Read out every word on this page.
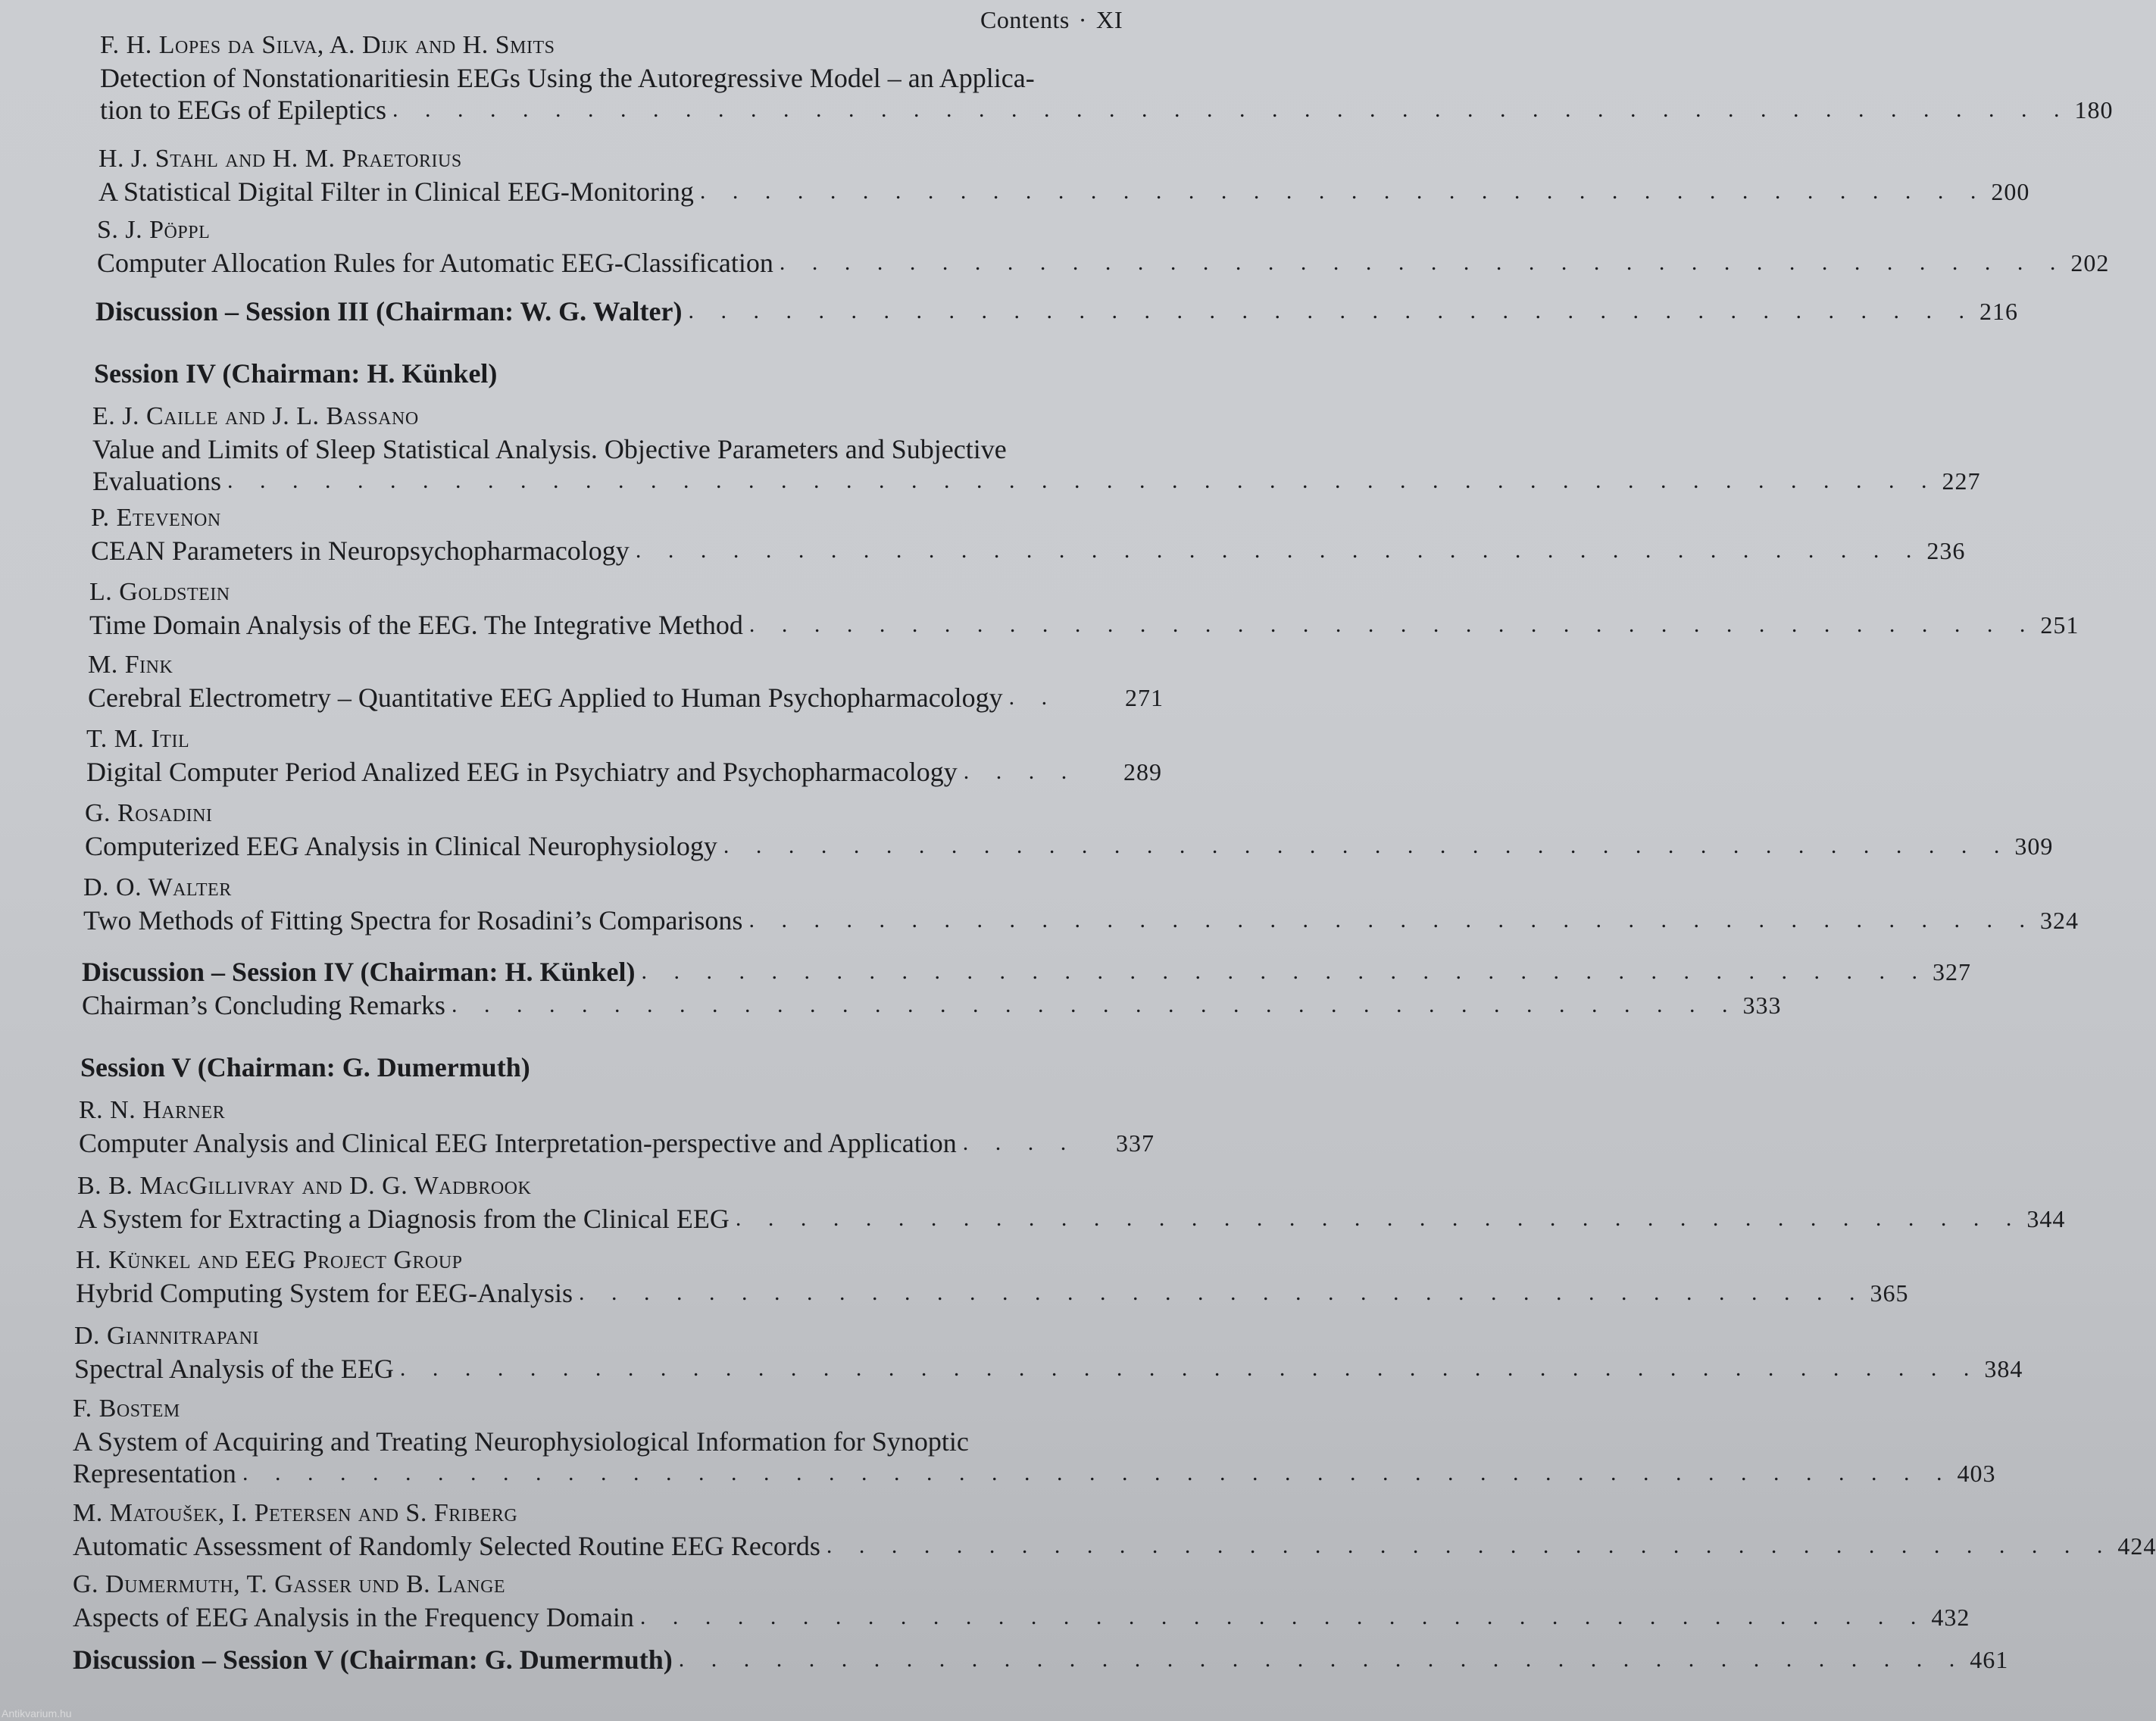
Contents · XI
F. H. Lopes da Silva, A. Dijk and H. Smits
Detection of Nonstationaritiesin EEGs Using the Autoregressive Model – an Applica-
tion to EEGs of Epileptics . . . . . . . . . . . . . . . . . . . . . . . . . . . . . . . . . . . . . . . . . . . . . . . . . . . . 180
H. J. Stahl and H. M. Praetorius
A Statistical Digital Filter in Clinical EEG-Monitoring . . . . . . . . . . . . . . . . . . . . . . . . . . . . . . . . . . . . . . . . 200
S. J. Pöppl
Computer Allocation Rules for Automatic EEG-Classification . . . . . . . . . . . . . . . . . . . . . . . . . . . . . . . . . . . . . . . . 202
Discussion – Session III (Chairman: W. G. Walter) . . . . . . . . . . . . . . . . . . . . . . . . . . . . . . . . . . . . . . . . 216
Session IV (Chairman: H. Künkel)
E. J. Caille and J. L. Bassano
Value and Limits of Sleep Statistical Analysis. Objective Parameters and Subjective
Evaluations . . . . . . . . . . . . . . . . . . . . . . . . . . . . . . . . . . . . . . . . . . . . . . . . . . . . . 227
P. Etevenon
CEAN Parameters in Neuropsychopharmacology . . . . . . . . . . . . . . . . . . . . . . . . . . . . . . . . . . . . . . . . 236
L. Goldstein
Time Domain Analysis of the EEG. The Integrative Method . . . . . . . . . . . . . . . . . . . . . . . . . . . . . . . . . . . . . . . . 251
M. Fink
Cerebral Electrometry – Quantitative EEG Applied to Human Psychopharmacology . .	271
T. M. Itil
Digital Computer Period Analized EEG in Psychiatry and Psychopharmacology . . . .	289
G. Rosadini
Computerized EEG Analysis in Clinical Neurophysiology . . . . . . . . . . . . . . . . . . . . . . . . . . . . . . . . . . . . . . . . 309
D. O. Walter
Two Methods of Fitting Spectra for Rosadini’s Comparisons . . . . . . . . . . . . . . . . . . . . . . . . . . . . . . . . . . . . . . . . 324
Discussion – Session IV (Chairman: H. Künkel) . . . . . . . . . . . . . . . . . . . . . . . . . . . . . . . . . . . . . . . . 327
Chairman’s Concluding Remarks . . . . . . . . . . . . . . . . . . . . . . . . . . . . . . . . . . . . . . . . 333
Session V (Chairman: G. Dumermuth)
R. N. Harner
Computer Analysis and Clinical EEG Interpretation-perspective and Application . . . .	337
B. B. MacGillivray and D. G. Wadbrook
A System for Extracting a Diagnosis from the Clinical EEG . . . . . . . . . . . . . . . . . . . . . . . . . . . . . . . . . . . . . . . . 344
H. Künkel and EEG Project Group
Hybrid Computing System for EEG-Analysis . . . . . . . . . . . . . . . . . . . . . . . . . . . . . . . . . . . . . . . . 365
D. Giannitrapani
Spectral Analysis of the EEG . . . . . . . . . . . . . . . . . . . . . . . . . . . . . . . . . . . . . . . . . . . . . . . . . 384
F. Bostem
A System of Acquiring and Treating Neurophysiological Information for Synoptic
Representation . . . . . . . . . . . . . . . . . . . . . . . . . . . . . . . . . . . . . . . . . . . . . . . . . . . . . 403
M. Matoušek, I. Petersen and S. Friberg
Automatic Assessment of Randomly Selected Routine EEG Records . . . . . . . . . . . . . . . . . . . . . . . . . . . . . . . . . . . . . . . . 424
G. Dumermuth, T. Gasser und B. Lange
Aspects of EEG Analysis in the Frequency Domain . . . . . . . . . . . . . . . . . . . . . . . . . . . . . . . . . . . . . . . . 432
Discussion – Session V (Chairman: G. Dumermuth) . . . . . . . . . . . . . . . . . . . . . . . . . . . . . . . . . . . . . . . . 461
Antikvarium.hu
